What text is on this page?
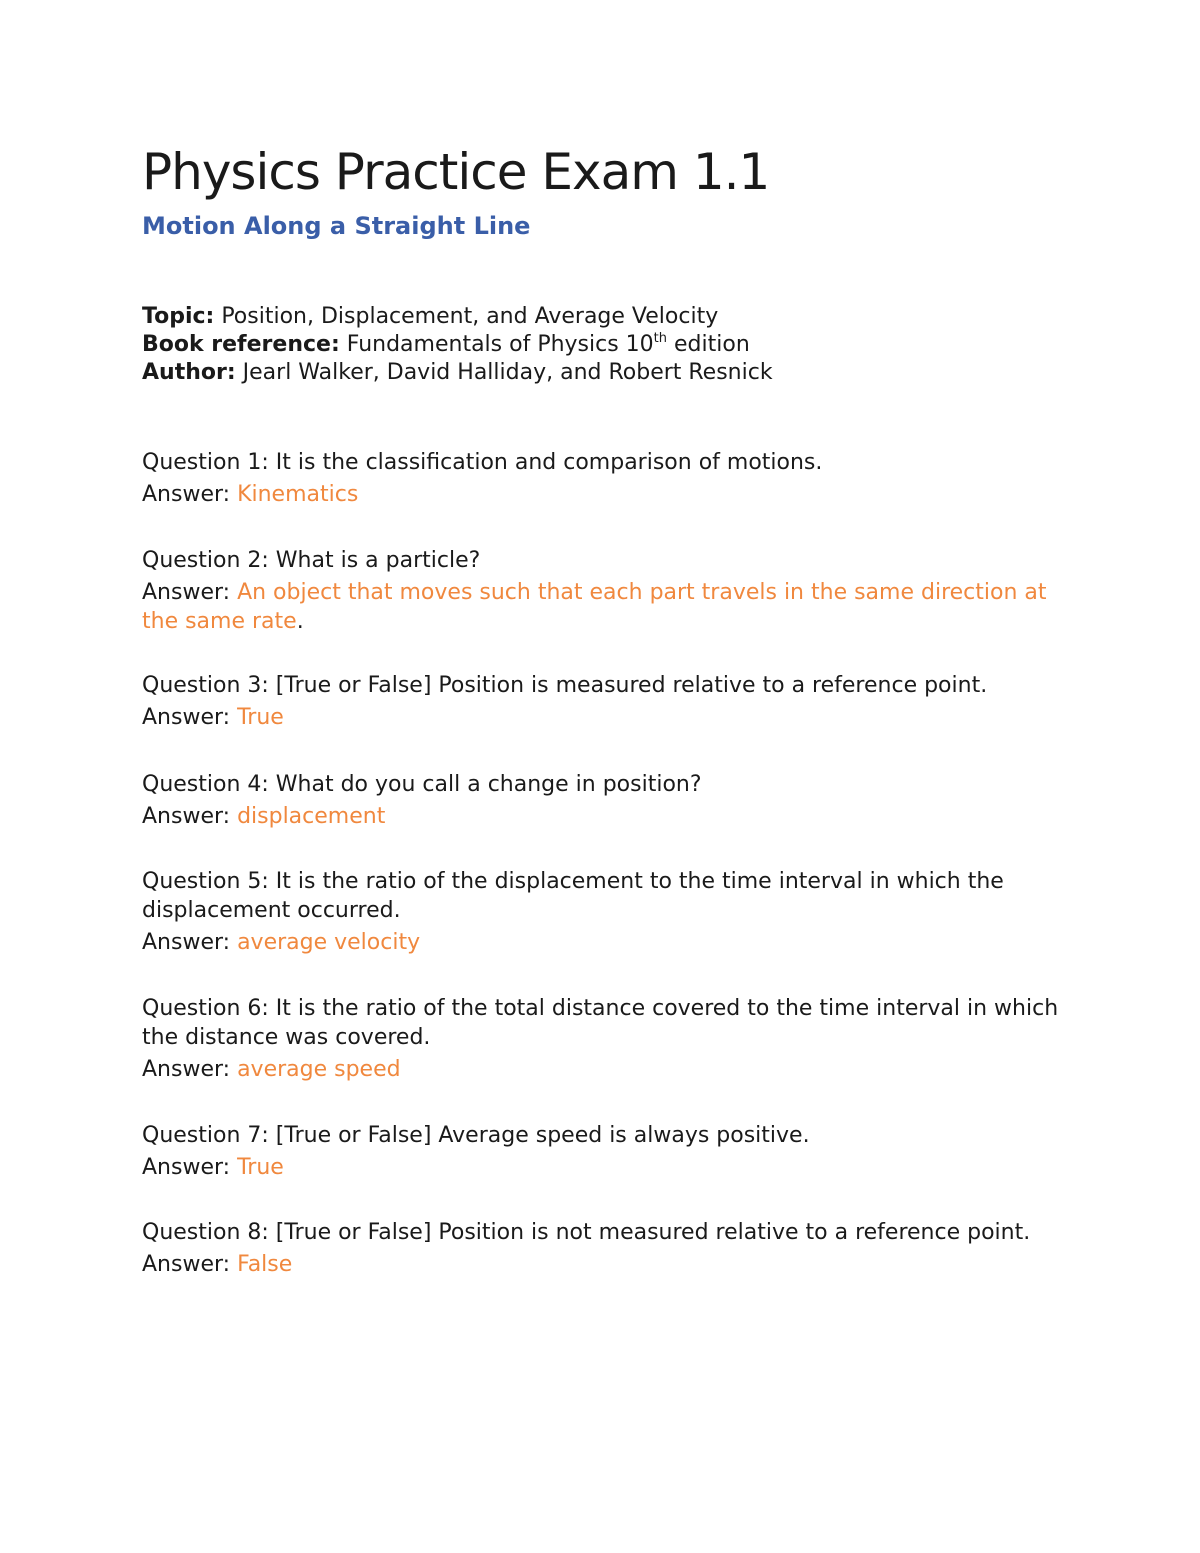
Physics Practice Exam 1.1
Motion Along a Straight Line
Topic: Position, Displacement, and Average Velocity
Book reference: Fundamentals of Physics 10th edition
Author: Jearl Walker, David Halliday, and Robert Resnick
Question 1: It is the classification and comparison of motions.
Answer: Kinematics
Question 2: What is a particle?
Answer: An object that moves such that each part travels in the same direction at the same rate.
Question 3: [True or False] Position is measured relative to a reference point.
Answer: True
Question 4: What do you call a change in position?
Answer: displacement
Question 5: It is the ratio of the displacement to the time interval in which the displacement occurred.
Answer: average velocity
Question 6: It is the ratio of the total distance covered to the time interval in which the distance was covered.
Answer: average speed
Question 7: [True or False] Average speed is always positive.
Answer: True
Question 8: [True or False] Position is not measured relative to a reference point.
Answer: False
